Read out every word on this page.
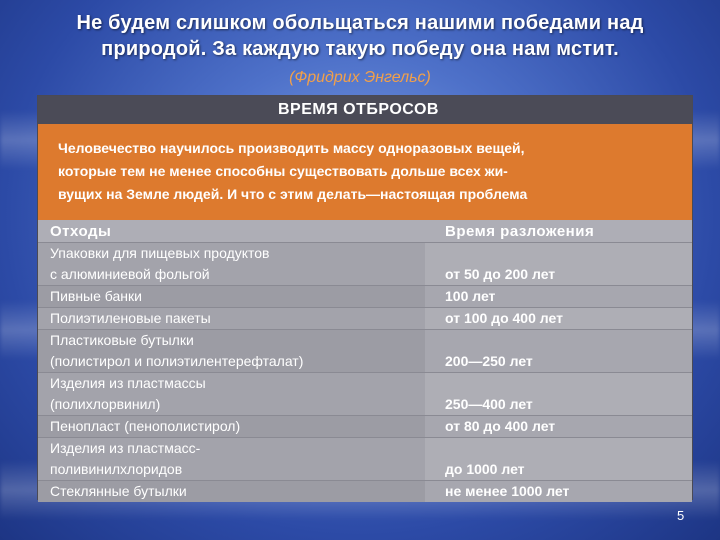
Не будем слишком обольщаться нашими победами над
природой. За каждую такую победу она нам мстит.
(Фридрих Энгельс)
ВРЕМЯ ОТБРОСОВ
Человечество научилось производить массу одноразовых вещей,
которые тем не менее способны существовать дольше всех жи-
вущих на Земле людей. И что с этим делать—настоящая проблема
Отходы	Время разложения

Упаковки для пищевых продуктов
с алюминиевой фольгой	от 50 до 200 лет

Пивные банки	100 лет

Полиэтиленовые пакеты	от 100 до 400 лет

Пластиковые бутылки
(полистирол и полиэтилентерефталат)	200—250 лет

Изделия из пластмассы
(полихлорвинил)	250—400 лет

Пенопласт (пенополистирол)	от 80 до 400 лет

Изделия из пластмасс-
поливинилхлоридов	до 1000 лет

Стеклянные бутылки	не менее 1000 лет
5
